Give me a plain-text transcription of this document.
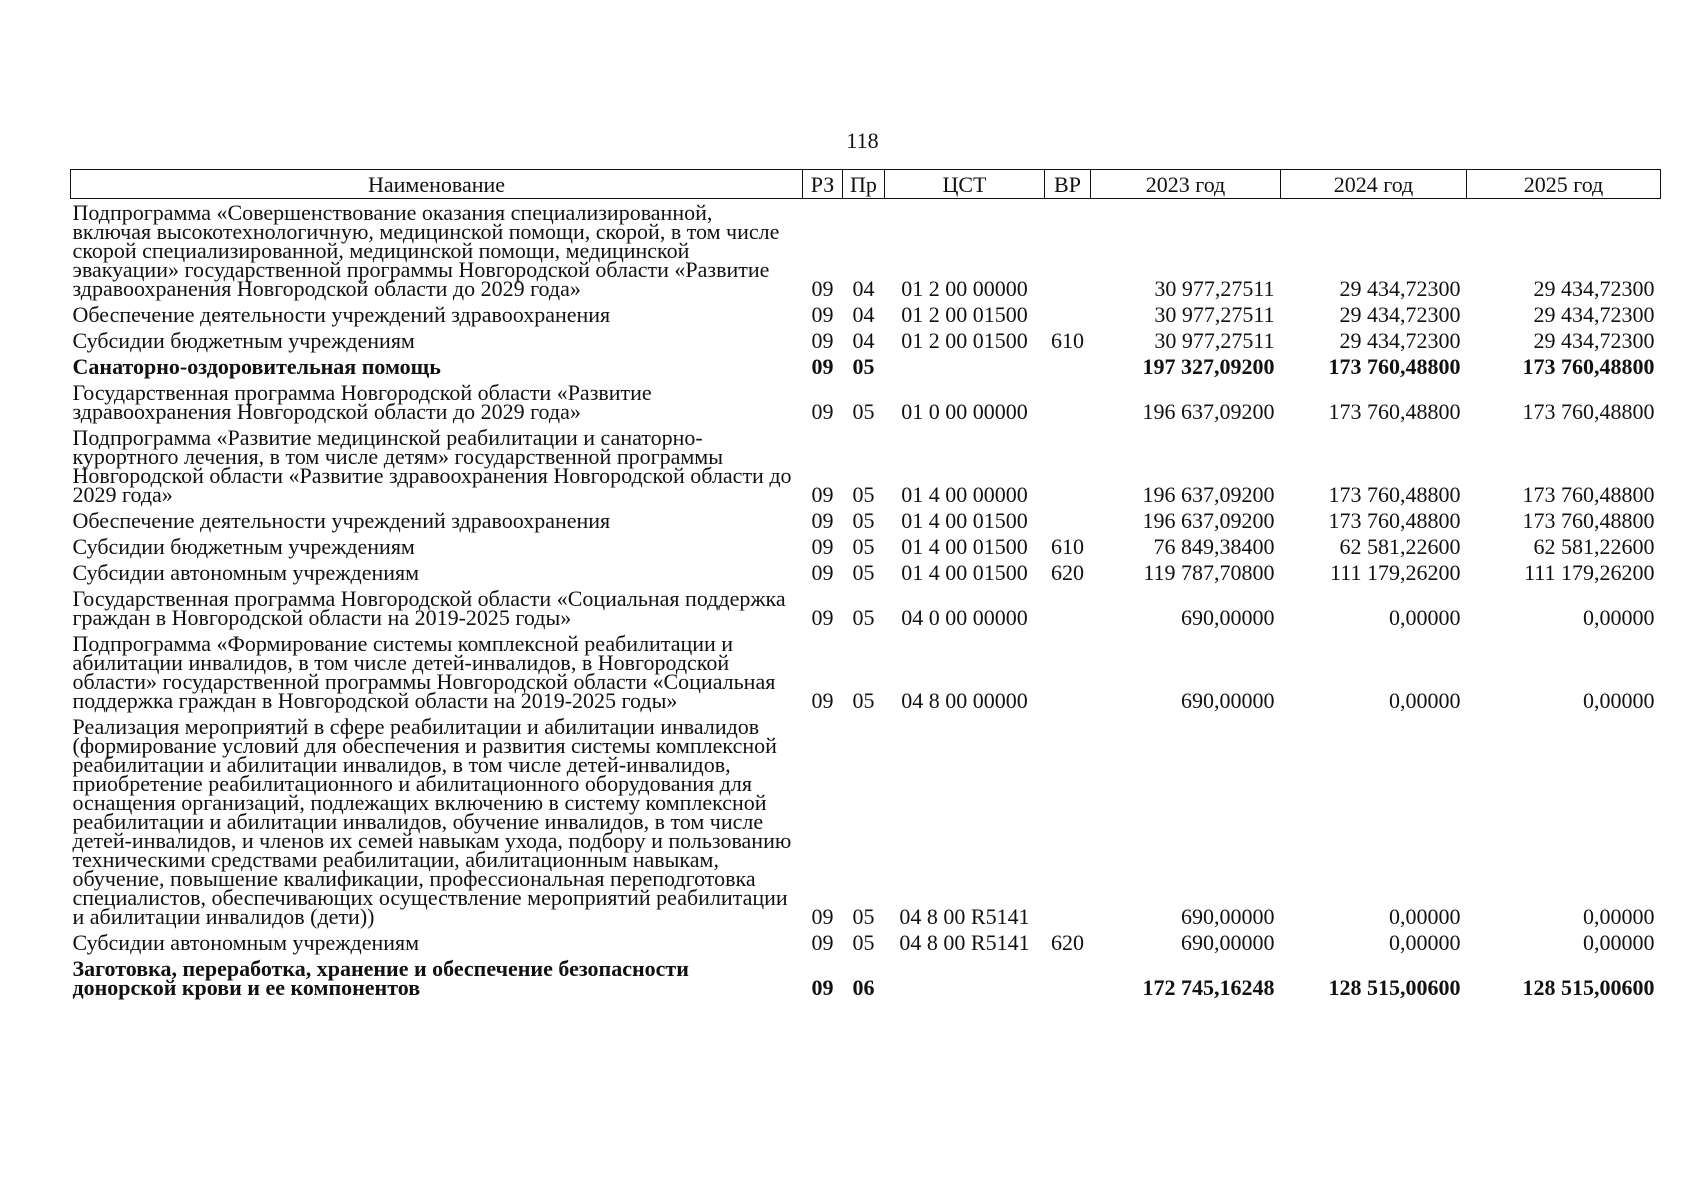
118
Наименование	РЗ	Пр	ЦСТ	ВР	2023 год	2024 год	2025 год
Подпрограмма «Совершенствование оказания специализированной, включая высокотехнологичную, медицинской помощи, скорой, в том числе скорой специализированной, медицинской помощи, медицинской эвакуации» государственной программы Новгородской области «Развитие здравоохранения Новгородской области до 2029 года»	09	04	01 2 00 00000		30 977,27511	29 434,72300	29 434,72300
Обеспечение деятельности учреждений здравоохранения	09	04	01 2 00 01500		30 977,27511	29 434,72300	29 434,72300
Субсидии бюджетным учреждениям	09	04	01 2 00 01500	610	30 977,27511	29 434,72300	29 434,72300
Санаторно-оздоровительная помощь	09	05			197 327,09200	173 760,48800	173 760,48800
Государственная программа Новгородской области «Развитие здравоохранения Новгородской области до 2029 года»	09	05	01 0 00 00000		196 637,09200	173 760,48800	173 760,48800
Подпрограмма «Развитие медицинской реабилитации и санаторно-курортного лечения, в том числе детям» государственной программы Новгородской области «Развитие здравоохранения Новгородской области до 2029 года»	09	05	01 4 00 00000		196 637,09200	173 760,48800	173 760,48800
Обеспечение деятельности учреждений здравоохранения	09	05	01 4 00 01500		196 637,09200	173 760,48800	173 760,48800
Субсидии бюджетным учреждениям	09	05	01 4 00 01500	610	76 849,38400	62 581,22600	62 581,22600
Субсидии автономным учреждениям	09	05	01 4 00 01500	620	119 787,70800	111 179,26200	111 179,26200
Государственная программа Новгородской области «Социальная поддержка граждан в Новгородской области на 2019-2025 годы»	09	05	04 0 00 00000		690,00000	0,00000	0,00000
Подпрограмма «Формирование системы комплексной реабилитации и абилитации инвалидов, в том числе детей-инвалидов, в Новгородской области» государственной программы Новгородской области «Социальная поддержка граждан в Новгородской области на 2019-2025 годы»	09	05	04 8 00 00000		690,00000	0,00000	0,00000
Реализация мероприятий в сфере реабилитации и абилитации инвалидов (формирование условий для обеспечения и развития системы комплексной реабилитации и абилитации инвалидов, в том числе детей-инвалидов, приобретение реабилитационного и абилитационного оборудования для оснащения организаций, подлежащих включению в систему комплексной реабилитации и абилитации инвалидов, обучение инвалидов, в том числе детей-инвалидов, и членов их семей навыкам ухода, подбору и пользованию техническими средствами реабилитации, абилитационным навыкам, обучение, повышение квалификации, профессиональная переподготовка специалистов, обеспечивающих осуществление мероприятий реабилитации и абилитации инвалидов (дети))	09	05	04 8 00 R5141		690,00000	0,00000	0,00000
Субсидии автономным учреждениям	09	05	04 8 00 R5141	620	690,00000	0,00000	0,00000
Заготовка, переработка, хранение и обеспечение безопасности донорской крови и ее компонентов	09	06			172 745,16248	128 515,00600	128 515,00600
